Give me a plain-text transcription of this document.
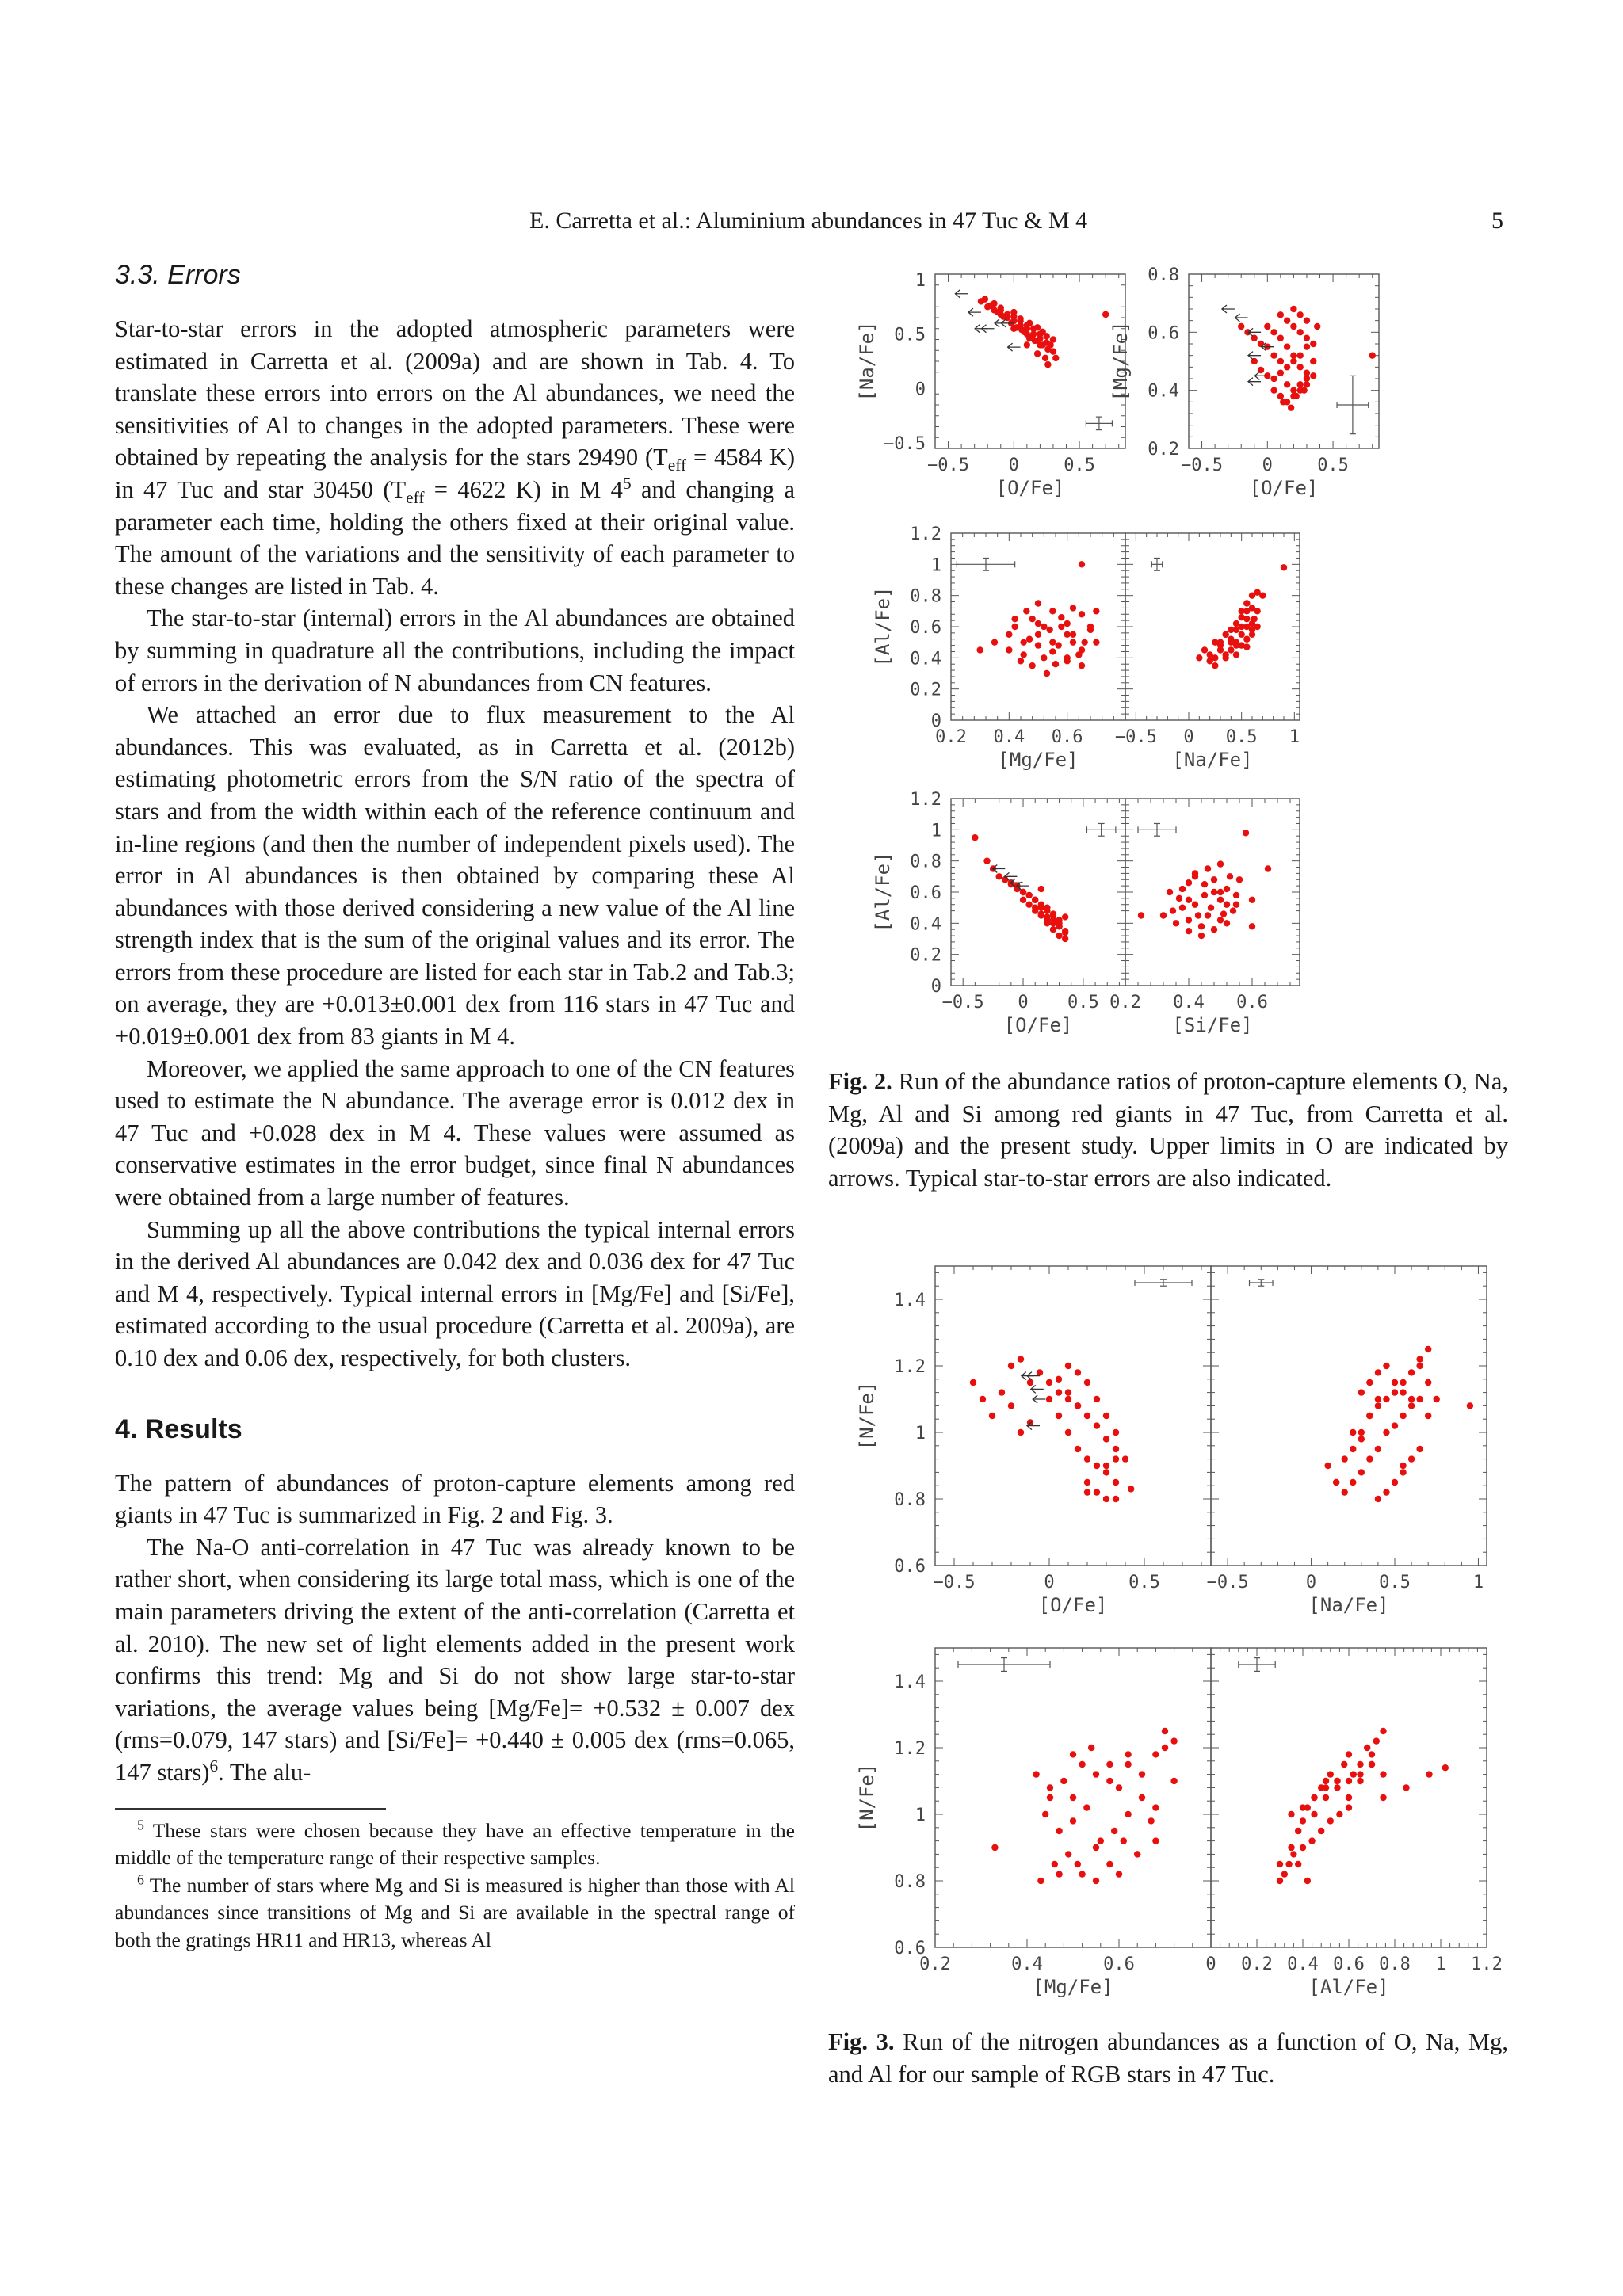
E. Carretta et al.: Aluminium abundances in 47 Tuc & M 4	5
3.3. Errors

Star-to-star errors in the adopted atmospheric parameters were estimated in Carretta et al. (2009a) and are shown in Tab. 4. To translate these errors into errors on the Al abundances, we need the sensitivities of Al to changes in the adopted parameters. These were obtained by repeating the analysis for the stars 29490 ($T_{eff} = 4584$ K) in 47 Tuc and star 30450 ($T_{eff} = 4622$ K) in M $4^5$ and changing a parameter each time, holding the others fixed at their original value. The amount of the variations and the sensitivity of each parameter to these changes are listed in Tab. 4.

The star-to-star (internal) errors in the Al abundances are obtained by summing in quadrature all the contributions, including the impact of errors in the derivation of N abundances from CN features.

We attached an error due to flux measurement to the Al abundances. This was evaluated, as in Carretta et al. (2012b) estimating photometric errors from the S/N ratio of the spectra of stars and from the width within each of the reference continuum and in-line regions (and then the number of independent pixels used). The error in Al abundances is then obtained by comparing these Al abundances with those derived considering a new value of the Al line strength index that is the sum of the original values and its error. The errors from these procedure are listed for each star in Tab.2 and Tab.3; on average, they are +0.013±0.001 dex from 116 stars in 47 Tuc and +0.019±0.001 dex from 83 giants in M 4.

Moreover, we applied the same approach to one of the CN features used to estimate the N abundance. The average error is 0.012 dex in 47 Tuc and +0.028 dex in M 4. These values were assumed as conservative estimates in the error budget, since final N abundances were obtained from a large number of features.

Summing up all the above contributions the typical internal errors in the derived Al abundances are 0.042 dex and 0.036 dex for 47 Tuc and M 4, respectively. Typical internal errors in [Mg/Fe] and [Si/Fe], estimated according to the usual procedure (Carretta et al. 2009a), are 0.10 dex and 0.06 dex, respectively, for both clusters.

4. Results

The pattern of abundances of proton-capture elements among red giants in 47 Tuc is summarized in Fig. 2 and Fig. 3.

The Na-O anti-correlation in 47 Tuc was already known to be rather short, when considering its large total mass, which is one of the main parameters driving the extent of the anti-correlation (Carretta et al. 2010). The new set of light elements added in the present work confirms this trend: Mg and Si do not show large star-to-star variations, the average values being [Mg/Fe]= +0.532 ± 0.007 dex (rms=0.079, 147 stars) and [Si/Fe]= +0.440 ± 0.005 dex (rms=0.065, 147 stars)$^6$. The alu-

$^5$ These stars were chosen because they have an effective temperature in the middle of the temperature range of their respective samples.

$^6$ The number of stars where Mg and Si is measured is higher than those with Al abundances since transitions of Mg and Si are available in the spectral range of both the gratings HR11 and HR13, whereas Al

−0.5 0	0.5
−0.5
0
0.5
1
[Na/Fe]
[O/Fe]
−0.5 0	0.5
0.2
0.4
0.6
0.8
[Mg/Fe]
[O/Fe]
0.2 0.4 0.6
0
0.2
0.4
0.6
0.8
1
1.2
[Al/Fe]
[Mg/Fe]
−0.5 0 0.5 1
[Na/Fe]
−0.5 0 0.5
0
0.2
0.4
0.6
0.8
1
1.2
[Al/Fe]
[O/Fe]
0.2 0.4 0.6
[Si/Fe]
Fig. 2. Run of the abundance ratios of proton-capture elements O, Na, Mg, Al and Si among red giants in 47 Tuc, from Carretta et al. (2009a) and the present study. Upper limits in O are indicated by arrows. Typical star-to-star errors are also indicated.
−0.5	0	0.5
0.6
0.8
1
1.2
1.4
[N/Fe]
[O/Fe]
−0.5	0	0.5	1
[Na/Fe]
0.2	0.4	0.6
0.6
0.8
1
1.2
1.4
[N/Fe]
[Mg/Fe]
0 0.2 0.4 0.6 0.8 1 1.2
[Al/Fe]
Fig. 3. Run of the nitrogen abundances as a function of O, Na, Mg, and Al for our sample of RGB stars in 47 Tuc.
